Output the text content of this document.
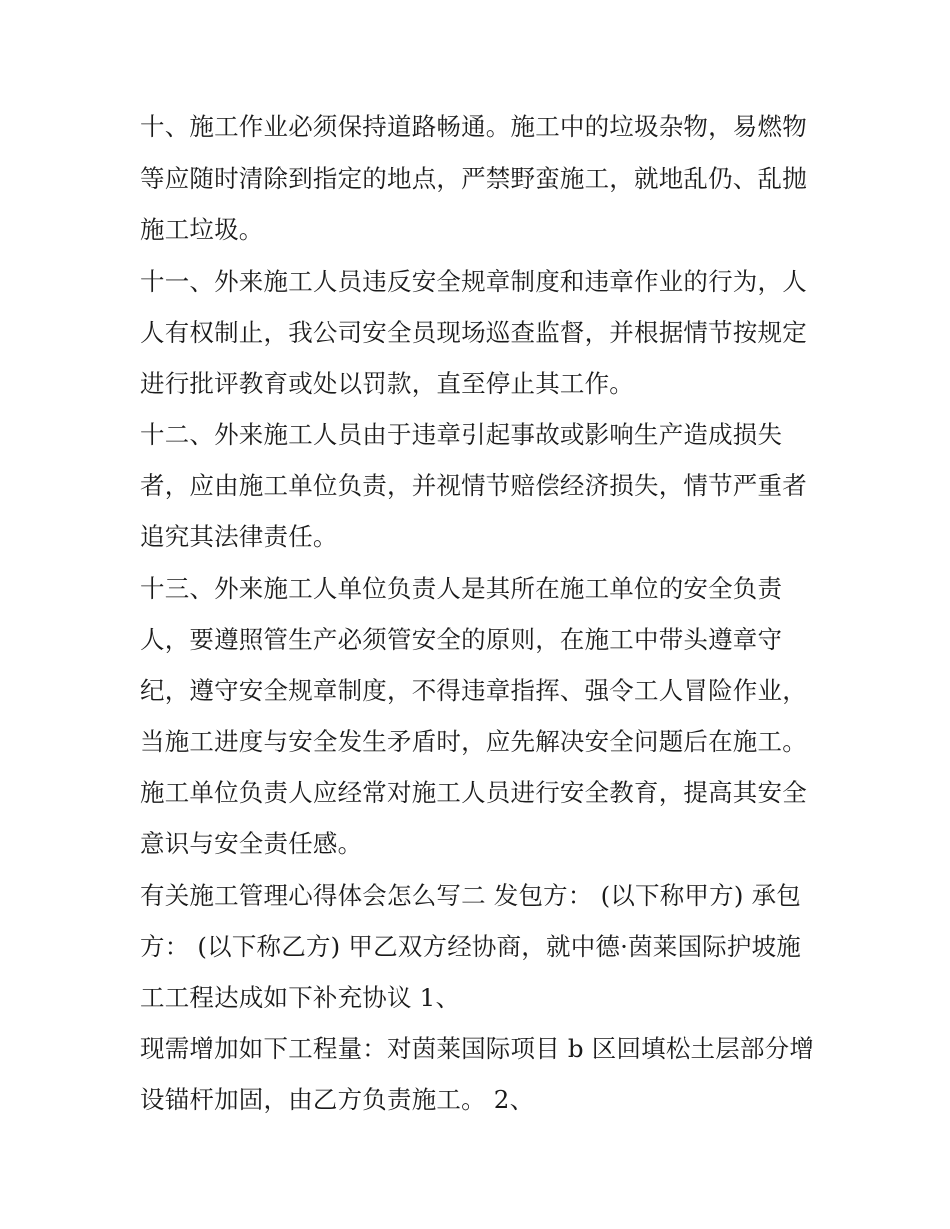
十、施工作业必须保持道路畅通。施工中的垃圾杂物，易燃物
等应随时清除到指定的地点，严禁野蛮施工，就地乱仍、乱抛
施工垃圾。
十一、外来施工人员违反安全规章制度和违章作业的行为，人
人有权制止，我公司安全员现场巡查监督，并根据情节按规定
进行批评教育或处以罚款，直至停止其工作。
十二、外来施工人员由于违章引起事故或影响生产造成损失
者，应由施工单位负责，并视情节赔偿经济损失，情节严重者
追究其法律责任。
十三、外来施工人单位负责人是其所在施工单位的安全负责
人，要遵照管生产必须管安全的原则，在施工中带头遵章守
纪，遵守安全规章制度，不得违章指挥、强令工人冒险作业，
当施工进度与安全发生矛盾时，应先解决安全问题后在施工。
施工单位负责人应经常对施工人员进行安全教育，提高其安全
意识与安全责任感。
有关施工管理心得体会怎么写二 发包方： (以下称甲方) 承包
方： (以下称乙方) 甲乙双方经协商，就中德·茵莱国际护坡施
工工程达成如下补充协议 1、
现需增加如下工程量：对茵莱国际项目 b 区回填松土层部分增
设锚杆加固，由乙方负责施工。 2、
